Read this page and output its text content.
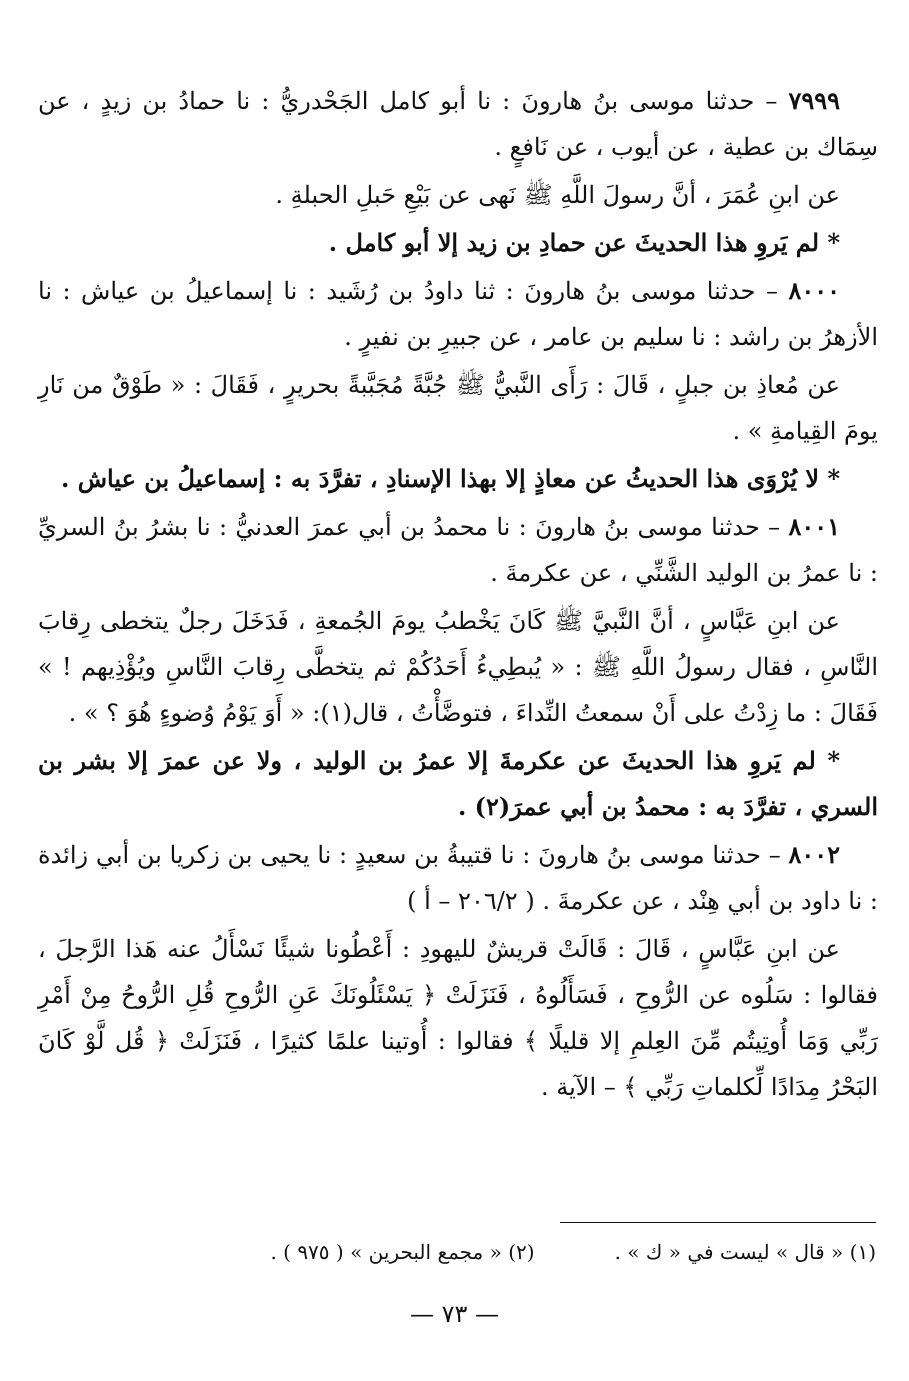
٧٩٩٩ – حدثنا موسى بنُ هارونَ : نا أبو كامل الجَحْدريُّ : نا حمادُ بن زيدٍ ، عن سِمَاك بن عطية ، عن أيوب ، عن نَافعٍ .

عن ابنِ عُمَرَ ، أنَّ رسولَ اللَّهِ ﷺ نَهى عن بَيْعِ حَبلِ الحبلةِ .

* لم يَروِ هذا الحديثَ عن حمادِ بن زيد إلا أبو كامل .

٨٠٠٠ – حدثنا موسى بنُ هارونَ : ثنا داودُ بن رُشَيد : نا إسماعيلُ بن عياش : نا الأزهرُ بن راشد : نا سليم بن عامر ، عن جبيرِ بن نفيرٍ .

عن مُعاذِ بن جبلٍ ، قَالَ : رَأَى النَّبيُّ ﷺ جُبَّةً مُجَبَّبةً بحريرٍ ، فَقَالَ : « طَوْقٌ من نَارِ يومَ القِيامةِ » .

* لا يُرْوَى هذا الحديثُ عن معاذٍ إلا بهذا الإسنادِ ، تفرَّدَ به : إسماعيلُ بن عياش .

٨٠٠١ – حدثنا موسى بنُ هارونَ : نا محمدُ بن أبي عمرَ العدنيُّ : نا بشرُ بنُ السريِّ : نا عمرُ بن الوليد الشَّنِّي ، عن عكرمةَ .

عن ابنِ عَبَّاسٍ ، أنَّ النَّبيَّ ﷺ كَانَ يَخْطبُ يومَ الجُمعةِ ، فَدَخَلَ رجلٌ يتخطى رِقابَ النَّاسِ ، فقال رسولُ اللَّهِ ﷺ : « يُبطِيءُ أَحَدُكُمْ ثم يتخطَّى رِقابَ النَّاسِ ويُؤْذِيهم ! » فَقَالَ : ما زِدْتُ على أَنْ سمعتُ النِّداءَ ، فتوضَّأْتُ ، قال(١): « أَوَ يَوْمُ وُضوءٍ هُوَ ؟ » .

* لم يَروِ هذا الحديثَ عن عكرمةَ إلا عمرُ بن الوليد ، ولا عن عمرَ إلا بشر بن السري ، تفرَّدَ به : محمدُ بن أبي عمرَ(٢) .

٨٠٠٢ – حدثنا موسى بنُ هارونَ : نا قتيبةُ بن سعيدٍ : نا يحيى بن زكريا بن أبي زائدة : نا داود بن أبي هِنْد ، عن عكرمةَ . ( ٢٠٦/٢ – أ )

عن ابنِ عَبَّاسٍ ، قَالَ : قَالَتْ قريشٌ لليهودِ : أَعْطُونا شيئًا نَسْأَلُ عنه هَذا الرَّجلَ ، فقالوا : سَلُوه عن الرُّوحِ ، فَسَأَلُوهُ ، فَنَزَلَتْ ﴿ يَسْئَلُونَكَ عَنِ الرُّوحِ قُلِ الرُّوحُ مِنْ أَمْرِ رَبِّي وَمَا أُوتِيتُم مِّنَ العِلمِ إلا قليلًا ﴾ فقالوا : أُوتينا علمًا كثيرًا ، فَنَزَلَتْ ﴿ قُل لَّوْ كَانَ البَحْرُ مِدَادًا لِّكلماتِ رَبِّي ﴾ – الآية .

(١) « قال » ليست في « ك » .
(٢) « مجمع البحرين » ( ٩٧٥ ) .
— ٧٣ —
